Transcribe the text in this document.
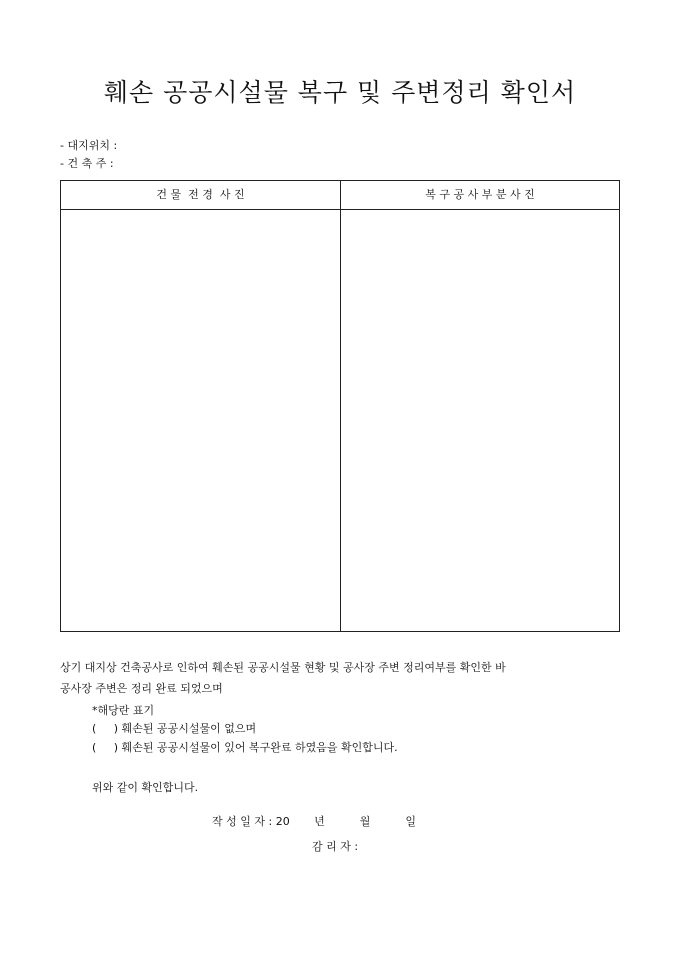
훼손 공공시설물 복구 및 주변정리 확인서
- 대지위치 :
- 건 축 주 :
건 물  전 경  사 진	복 구 공 사 부 분 사 진
상기 대지상 건축공사로 인하여 훼손된 공공시설물 현황 및 공사장 주변 정리여부를 확인한 바
공사장 주변은 정리 완료 되었으며
*해당란 표기
(     ) 훼손된 공공시설물이 없으며
(     ) 훼손된 공공시설물이 있어 복구완료 하였음을 확인합니다.
위와 같이 확인합니다.
작 성 일 자 : 20       년          월          일
감 리 자 :
